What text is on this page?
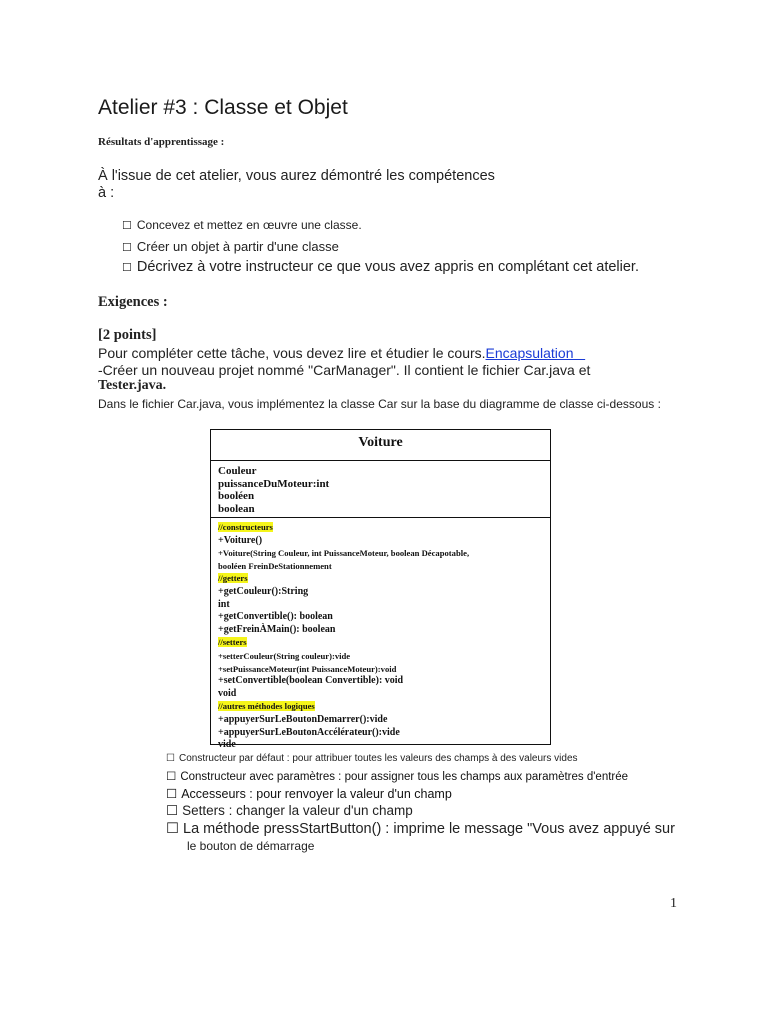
Atelier #3 : Classe et Objet
Résultats d'apprentissage :
À l'issue de cet atelier, vous aurez démontré les compétences
à :
☐ Concevez et mettez en œuvre une classe.
☐ Créer un objet à partir d'une classe
☐ Décrivez à votre instructeur ce que vous avez appris en complétant cet atelier.
Exigences :
[2 points]
Pour compléter cette tâche, vous devez lire et étudier le cours.Encapsulation
-Créer un nouveau projet nommé "CarManager". Il contient le fichier Car.java et
Tester.java.
Dans le fichier Car.java, vous implémentez la classe Car sur la base du diagramme de classe ci-dessous :
Voiture
Couleur
puissanceDuMoteur:int
booléen
boolean
//constructeurs
+Voiture()
+Voiture(String Couleur, int PuissanceMoteur, boolean Décapotable,
booléen FreinDeStationnement
//getters
+getCouleur():String
int
+getConvertible(): boolean
+getFreinÀMain(): boolean
//setters
+setterCouleur(String couleur):vide
+setPuissanceMoteur(int PuissanceMoteur):void
+setConvertible(boolean Convertible): void
void
//autres méthodes logiques
+appuyerSurLeBoutonDemarrer():vide
+appuyerSurLeBoutonAccélérateur():vide
vide
☐ Constructeur par défaut : pour attribuer toutes les valeurs des champs à des valeurs vides
☐ Constructeur avec paramètres : pour assigner tous les champs aux paramètres d'entrée
☐ Accesseurs : pour renvoyer la valeur d'un champ
☐ Setters : changer la valeur d'un champ
☐ La méthode pressStartButton() : imprime le message "Vous avez appuyé sur
le bouton de démarrage
1
